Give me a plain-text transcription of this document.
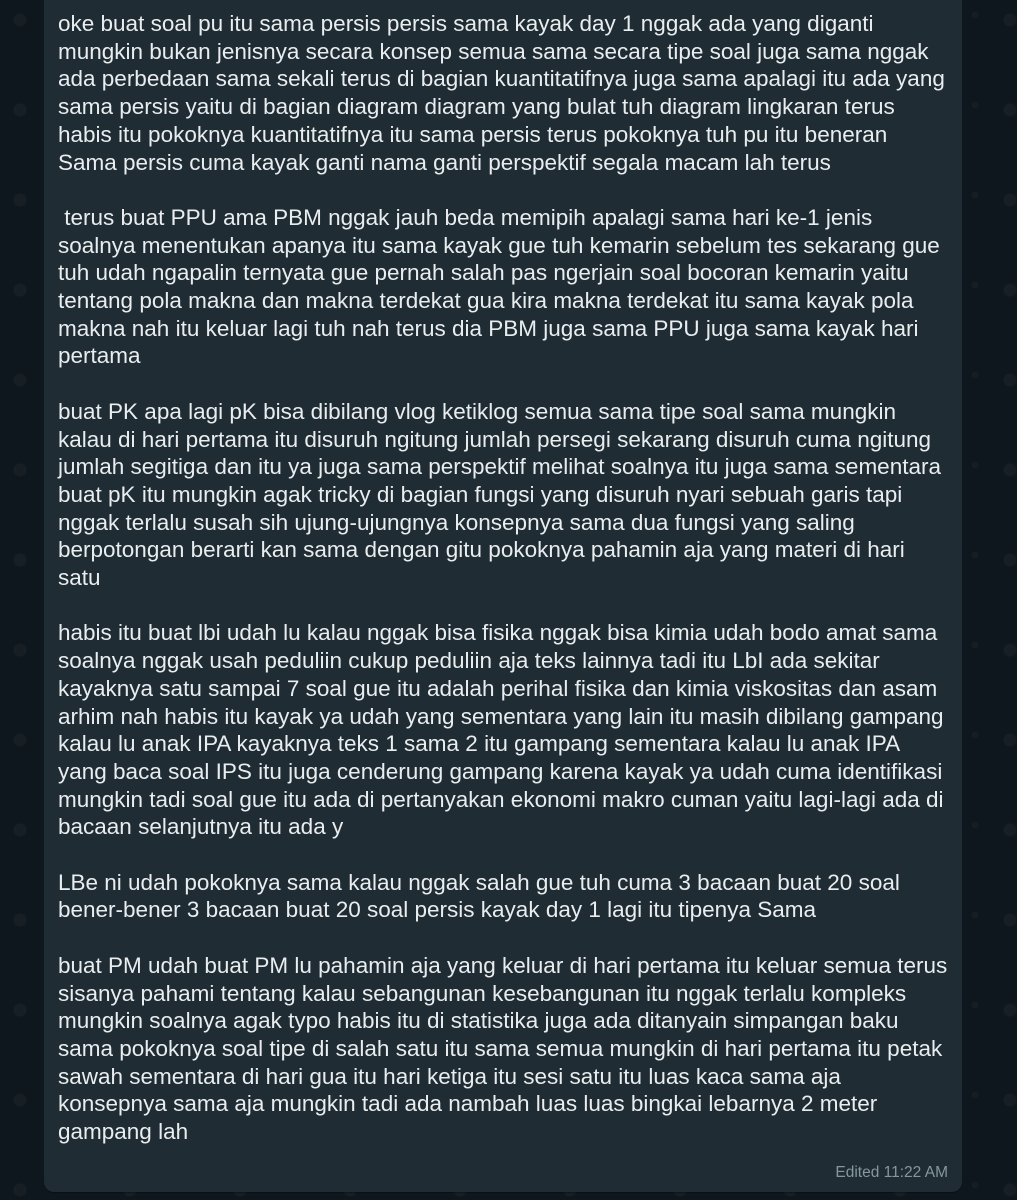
oke buat soal pu itu sama persis persis sama kayak day 1 nggak ada yang diganti mungkin bukan jenisnya secara konsep semua sama secara tipe soal juga sama nggak ada perbedaan sama sekali terus di bagian kuantitatifnya juga sama apalagi itu ada yang sama persis yaitu di bagian diagram diagram yang bulat tuh diagram lingkaran terus habis itu pokoknya kuantitatifnya itu sama persis terus pokoknya tuh pu itu beneran Sama persis cuma kayak ganti nama ganti perspektif segala macam lah terus

terus buat PPU ama PBM nggak jauh beda memipih apalagi sama hari ke-1 jenis soalnya menentukan apanya itu sama kayak gue tuh kemarin sebelum tes sekarang gue tuh udah ngapalin ternyata gue pernah salah pas ngerjain soal bocoran kemarin yaitu tentang pola makna dan makna terdekat gua kira makna terdekat itu sama kayak pola makna nah itu keluar lagi tuh nah terus dia PBM juga sama PPU juga sama kayak hari pertama

buat PK apa lagi pK bisa dibilang vlog ketiklog semua sama tipe soal sama mungkin kalau di hari pertama itu disuruh ngitung jumlah persegi sekarang disuruh cuma ngitung jumlah segitiga dan itu ya juga sama perspektif melihat soalnya itu juga sama sementara buat pK itu mungkin agak tricky di bagian fungsi yang disuruh nyari sebuah garis tapi nggak terlalu susah sih ujung-ujungnya konsepnya sama dua fungsi yang saling berpotongan berarti kan sama dengan gitu pokoknya pahamin aja yang materi di hari satu

habis itu buat lbi udah lu kalau nggak bisa fisika nggak bisa kimia udah bodo amat sama soalnya nggak usah peduliin cukup peduliin aja teks lainnya tadi itu LbI ada sekitar kayaknya satu sampai 7 soal gue itu adalah perihal fisika dan kimia viskositas dan asam arhim nah habis itu kayak ya udah yang sementara yang lain itu masih dibilang gampang kalau lu anak IPA kayaknya teks 1 sama 2 itu gampang sementara kalau lu anak IPA yang baca soal IPS itu juga cenderung gampang karena kayak ya udah cuma identifikasi mungkin tadi soal gue itu ada di pertanyakan ekonomi makro cuman yaitu lagi-lagi ada di bacaan selanjutnya itu ada y

LBe ni udah pokoknya sama kalau nggak salah gue tuh cuma 3 bacaan buat 20 soal bener-bener 3 bacaan buat 20 soal persis kayak day 1 lagi itu tipenya Sama

buat PM udah buat PM lu pahamin aja yang keluar di hari pertama itu keluar semua terus sisanya pahami tentang kalau sebangunan kesebangunan itu nggak terlalu kompleks mungkin soalnya agak typo habis itu di statistika juga ada ditanyain simpangan baku sama pokoknya soal tipe di salah satu itu sama semua mungkin di hari pertama itu petak sawah sementara di hari gua itu hari ketiga itu sesi satu itu luas kaca sama aja konsepnya sama aja mungkin tadi ada nambah luas luas bingkai lebarnya 2 meter gampang lah

Edited 11:22 AM
